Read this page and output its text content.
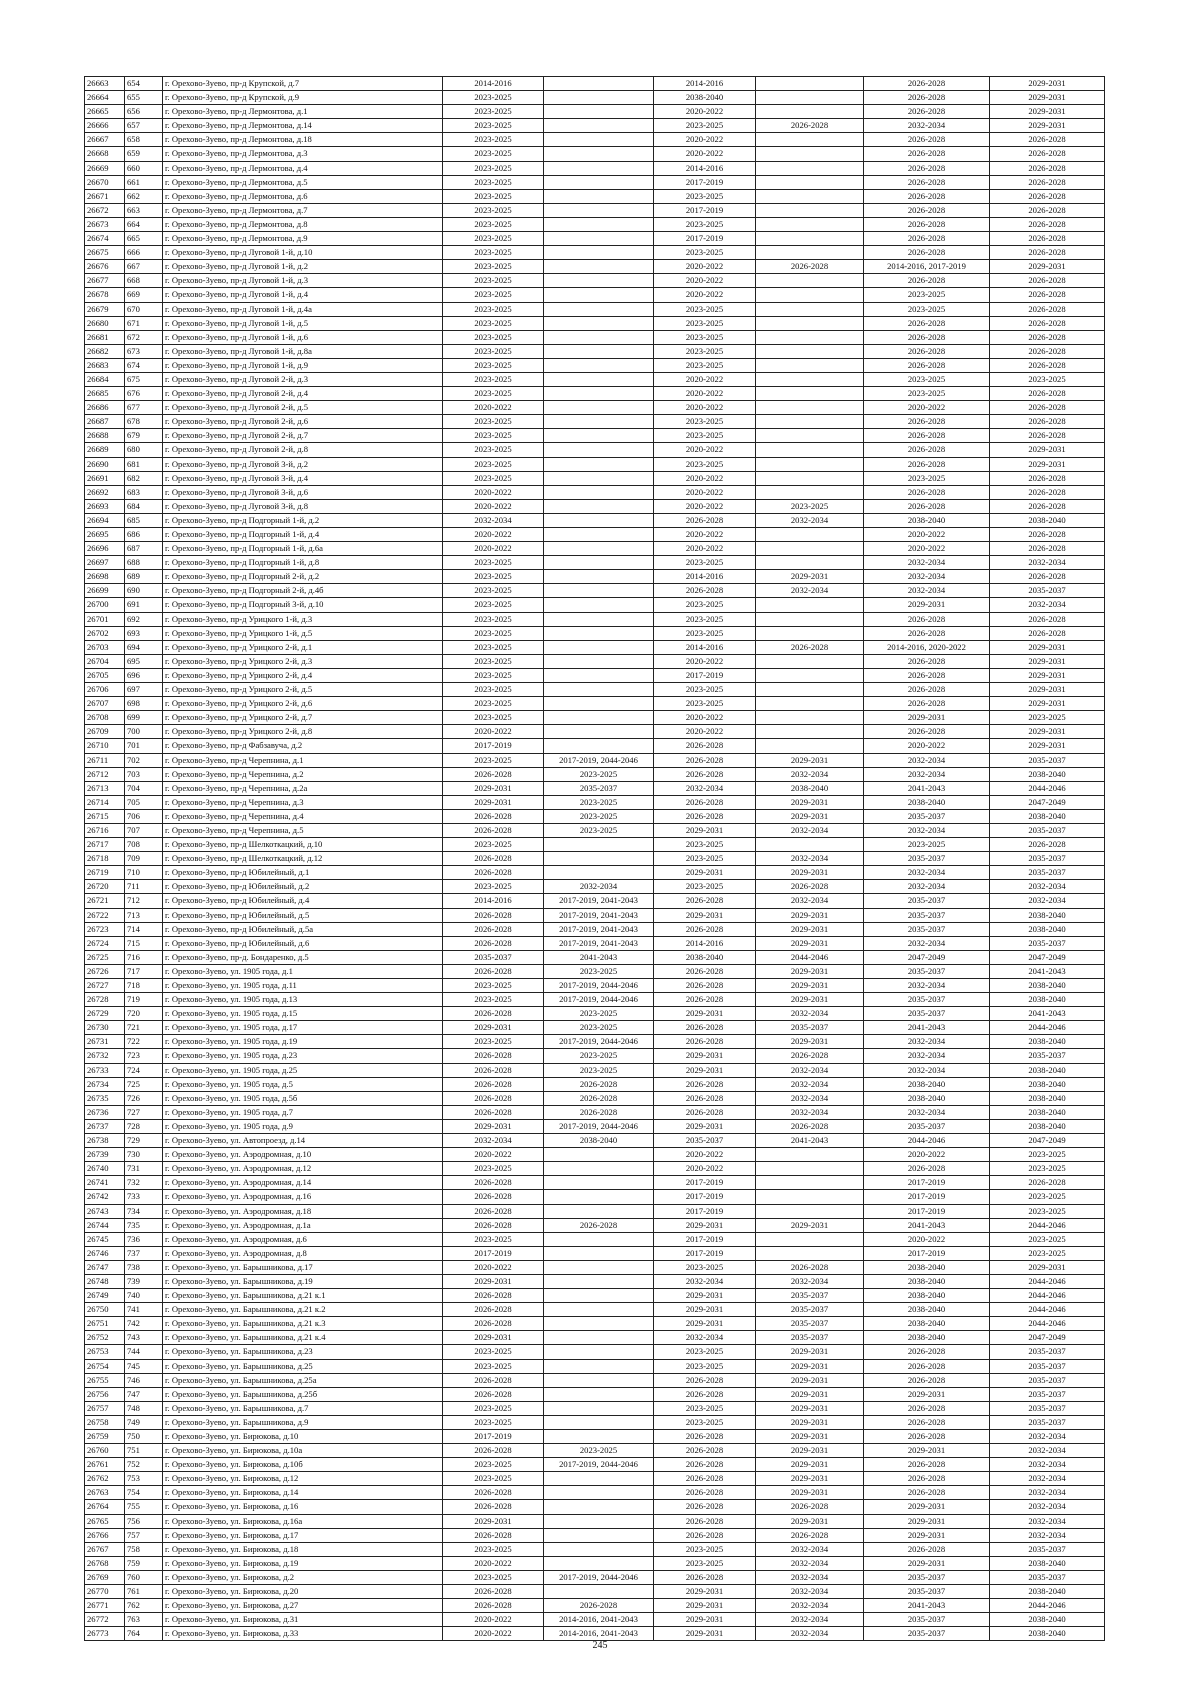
26663	654	г. Орехово-Зуево, пр-д Крупской, д.7	2014-2016		2014-2016		2026-2028	2029-2031
26664	655	г. Орехово-Зуево, пр-д Крупской, д.9	2023-2025		2038-2040		2026-2028	2029-2031
26665	656	г. Орехово-Зуево, пр-д Лермонтова, д.1	2023-2025		2020-2022		2026-2028	2029-2031
26666	657	г. Орехово-Зуево, пр-д Лермонтова, д.14	2023-2025		2023-2025	2026-2028	2032-2034	2029-2031
26667	658	г. Орехово-Зуево, пр-д Лермонтова, д.18	2023-2025		2020-2022		2026-2028	2026-2028
26668	659	г. Орехово-Зуево, пр-д Лермонтова, д.3	2023-2025		2020-2022		2026-2028	2026-2028
26669	660	г. Орехово-Зуево, пр-д Лермонтова, д.4	2023-2025		2014-2016		2026-2028	2026-2028
26670	661	г. Орехово-Зуево, пр-д Лермонтова, д.5	2023-2025		2017-2019		2026-2028	2026-2028
26671	662	г. Орехово-Зуево, пр-д Лермонтова, д.6	2023-2025		2023-2025		2026-2028	2026-2028
26672	663	г. Орехово-Зуево, пр-д Лермонтова, д.7	2023-2025		2017-2019		2026-2028	2026-2028
26673	664	г. Орехово-Зуево, пр-д Лермонтова, д.8	2023-2025		2023-2025		2026-2028	2026-2028
26674	665	г. Орехово-Зуево, пр-д Лермонтова, д.9	2023-2025		2017-2019		2026-2028	2026-2028
26675	666	г. Орехово-Зуево, пр-д Луговой 1-й, д.10	2023-2025		2023-2025		2026-2028	2026-2028
26676	667	г. Орехово-Зуево, пр-д Луговой 1-й, д.2	2023-2025		2020-2022	2026-2028	2014-2016, 2017-2019	2029-2031
26677	668	г. Орехово-Зуево, пр-д Луговой 1-й, д.3	2023-2025		2020-2022		2026-2028	2026-2028
26678	669	г. Орехово-Зуево, пр-д Луговой 1-й, д.4	2023-2025		2020-2022		2023-2025	2026-2028
26679	670	г. Орехово-Зуево, пр-д Луговой 1-й, д.4а	2023-2025		2023-2025		2023-2025	2026-2028
26680	671	г. Орехово-Зуево, пр-д Луговой 1-й, д.5	2023-2025		2023-2025		2026-2028	2026-2028
26681	672	г. Орехово-Зуево, пр-д Луговой 1-й, д.6	2023-2025		2023-2025		2026-2028	2026-2028
26682	673	г. Орехово-Зуево, пр-д Луговой 1-й, д.8а	2023-2025		2023-2025		2026-2028	2026-2028
26683	674	г. Орехово-Зуево, пр-д Луговой 1-й, д.9	2023-2025		2023-2025		2026-2028	2026-2028
26684	675	г. Орехово-Зуево, пр-д Луговой 2-й, д.3	2023-2025		2020-2022		2023-2025	2023-2025
26685	676	г. Орехово-Зуево, пр-д Луговой 2-й, д.4	2023-2025		2020-2022		2023-2025	2026-2028
26686	677	г. Орехово-Зуево, пр-д Луговой 2-й, д.5	2020-2022		2020-2022		2020-2022	2026-2028
26687	678	г. Орехово-Зуево, пр-д Луговой 2-й, д.6	2023-2025		2023-2025		2026-2028	2026-2028
26688	679	г. Орехово-Зуево, пр-д Луговой 2-й, д.7	2023-2025		2023-2025		2026-2028	2026-2028
26689	680	г. Орехово-Зуево, пр-д Луговой 2-й, д.8	2023-2025		2020-2022		2026-2028	2029-2031
26690	681	г. Орехово-Зуево, пр-д Луговой 3-й, д.2	2023-2025		2023-2025		2026-2028	2029-2031
26691	682	г. Орехово-Зуево, пр-д Луговой 3-й, д.4	2023-2025		2020-2022		2023-2025	2026-2028
26692	683	г. Орехово-Зуево, пр-д Луговой 3-й, д.6	2020-2022		2020-2022		2026-2028	2026-2028
26693	684	г. Орехово-Зуево, пр-д Луговой 3-й, д.8	2020-2022		2020-2022	2023-2025	2026-2028	2026-2028
26694	685	г. Орехово-Зуево, пр-д Подгорный 1-й, д.2	2032-2034		2026-2028	2032-2034	2038-2040	2038-2040
26695	686	г. Орехово-Зуево, пр-д Подгорный 1-й, д.4	2020-2022		2020-2022		2020-2022	2026-2028
26696	687	г. Орехово-Зуево, пр-д Подгорный 1-й, д.6а	2020-2022		2020-2022		2020-2022	2026-2028
26697	688	г. Орехово-Зуево, пр-д Подгорный 1-й, д.8	2023-2025		2023-2025		2032-2034	2032-2034
26698	689	г. Орехово-Зуево, пр-д Подгорный 2-й, д.2	2023-2025		2014-2016	2029-2031	2032-2034	2026-2028
26699	690	г. Орехово-Зуево, пр-д Подгорный 2-й, д.4б	2023-2025		2026-2028	2032-2034	2032-2034	2035-2037
26700	691	г. Орехово-Зуево, пр-д Подгорный 3-й, д.10	2023-2025		2023-2025		2029-2031	2032-2034
26701	692	г. Орехово-Зуево, пр-д Урицкого 1-й, д.3	2023-2025		2023-2025		2026-2028	2026-2028
26702	693	г. Орехово-Зуево, пр-д Урицкого 1-й, д.5	2023-2025		2023-2025		2026-2028	2026-2028
26703	694	г. Орехово-Зуево, пр-д Урицкого 2-й, д.1	2023-2025		2014-2016	2026-2028	2014-2016, 2020-2022	2029-2031
26704	695	г. Орехово-Зуево, пр-д Урицкого 2-й, д.3	2023-2025		2020-2022		2026-2028	2029-2031
26705	696	г. Орехово-Зуево, пр-д Урицкого 2-й, д.4	2023-2025		2017-2019		2026-2028	2029-2031
26706	697	г. Орехово-Зуево, пр-д Урицкого 2-й, д.5	2023-2025		2023-2025		2026-2028	2029-2031
26707	698	г. Орехово-Зуево, пр-д Урицкого 2-й, д.6	2023-2025		2023-2025		2026-2028	2029-2031
26708	699	г. Орехово-Зуево, пр-д Урицкого 2-й, д.7	2023-2025		2020-2022		2029-2031	2023-2025
26709	700	г. Орехово-Зуево, пр-д Урицкого 2-й, д.8	2020-2022		2020-2022		2026-2028	2029-2031
26710	701	г. Орехово-Зуево, пр-д Фабзавуча, д.2	2017-2019		2026-2028		2020-2022	2029-2031
26711	702	г. Орехово-Зуево, пр-д Черепнина, д.1	2023-2025	2017-2019, 2044-2046	2026-2028	2029-2031	2032-2034	2035-2037
26712	703	г. Орехово-Зуево, пр-д Черепнина, д.2	2026-2028	2023-2025	2026-2028	2032-2034	2032-2034	2038-2040
26713	704	г. Орехово-Зуево, пр-д Черепнина, д.2а	2029-2031	2035-2037	2032-2034	2038-2040	2041-2043	2044-2046
26714	705	г. Орехово-Зуево, пр-д Черепнина, д.3	2029-2031	2023-2025	2026-2028	2029-2031	2038-2040	2047-2049
26715	706	г. Орехово-Зуево, пр-д Черепнина, д.4	2026-2028	2023-2025	2026-2028	2029-2031	2035-2037	2038-2040
26716	707	г. Орехово-Зуево, пр-д Черепнина, д.5	2026-2028	2023-2025	2029-2031	2032-2034	2032-2034	2035-2037
26717	708	г. Орехово-Зуево, пр-д Шелкоткацкий, д.10	2023-2025		2023-2025		2023-2025	2026-2028
26718	709	г. Орехово-Зуево, пр-д Шелкоткацкий, д.12	2026-2028		2023-2025	2032-2034	2035-2037	2035-2037
26719	710	г. Орехово-Зуево, пр-д Юбилейный, д.1	2026-2028		2029-2031	2029-2031	2032-2034	2035-2037
26720	711	г. Орехово-Зуево, пр-д Юбилейный, д.2	2023-2025	2032-2034	2023-2025	2026-2028	2032-2034	2032-2034
26721	712	г. Орехово-Зуево, пр-д Юбилейный, д.4	2014-2016	2017-2019, 2041-2043	2026-2028	2032-2034	2035-2037	2032-2034
26722	713	г. Орехово-Зуево, пр-д Юбилейный, д.5	2026-2028	2017-2019, 2041-2043	2029-2031	2029-2031	2035-2037	2038-2040
26723	714	г. Орехово-Зуево, пр-д Юбилейный, д.5а	2026-2028	2017-2019, 2041-2043	2026-2028	2029-2031	2035-2037	2038-2040
26724	715	г. Орехово-Зуево, пр-д Юбилейный, д.6	2026-2028	2017-2019, 2041-2043	2014-2016	2029-2031	2032-2034	2035-2037
26725	716	г. Орехово-Зуево, пр-д. Бондаренко, д.5	2035-2037	2041-2043	2038-2040	2044-2046	2047-2049	2047-2049
26726	717	г. Орехово-Зуево, ул. 1905 года, д.1	2026-2028	2023-2025	2026-2028	2029-2031	2035-2037	2041-2043
26727	718	г. Орехово-Зуево, ул. 1905 года, д.11	2023-2025	2017-2019, 2044-2046	2026-2028	2029-2031	2032-2034	2038-2040
26728	719	г. Орехово-Зуево, ул. 1905 года, д.13	2023-2025	2017-2019, 2044-2046	2026-2028	2029-2031	2035-2037	2038-2040
26729	720	г. Орехово-Зуево, ул. 1905 года, д.15	2026-2028	2023-2025	2029-2031	2032-2034	2035-2037	2041-2043
26730	721	г. Орехово-Зуево, ул. 1905 года, д.17	2029-2031	2023-2025	2026-2028	2035-2037	2041-2043	2044-2046
26731	722	г. Орехово-Зуево, ул. 1905 года, д.19	2023-2025	2017-2019, 2044-2046	2026-2028	2029-2031	2032-2034	2038-2040
26732	723	г. Орехово-Зуево, ул. 1905 года, д.23	2026-2028	2023-2025	2029-2031	2026-2028	2032-2034	2035-2037
26733	724	г. Орехово-Зуево, ул. 1905 года, д.25	2026-2028	2023-2025	2029-2031	2032-2034	2032-2034	2038-2040
26734	725	г. Орехово-Зуево, ул. 1905 года, д.5	2026-2028	2026-2028	2026-2028	2032-2034	2038-2040	2038-2040
26735	726	г. Орехово-Зуево, ул. 1905 года, д.5б	2026-2028	2026-2028	2026-2028	2032-2034	2038-2040	2038-2040
26736	727	г. Орехово-Зуево, ул. 1905 года, д.7	2026-2028	2026-2028	2026-2028	2032-2034	2032-2034	2038-2040
26737	728	г. Орехово-Зуево, ул. 1905 года, д.9	2029-2031	2017-2019, 2044-2046	2029-2031	2026-2028	2035-2037	2038-2040
26738	729	г. Орехово-Зуево, ул. Автопроезд, д.14	2032-2034	2038-2040	2035-2037	2041-2043	2044-2046	2047-2049
26739	730	г. Орехово-Зуево, ул. Аэродромная, д.10	2020-2022		2020-2022		2020-2022	2023-2025
26740	731	г. Орехово-Зуево, ул. Аэродромная, д.12	2023-2025		2020-2022		2026-2028	2023-2025
26741	732	г. Орехово-Зуево, ул. Аэродромная, д.14	2026-2028		2017-2019		2017-2019	2026-2028
26742	733	г. Орехово-Зуево, ул. Аэродромная, д.16	2026-2028		2017-2019		2017-2019	2023-2025
26743	734	г. Орехово-Зуево, ул. Аэродромная, д.18	2026-2028		2017-2019		2017-2019	2023-2025
26744	735	г. Орехово-Зуево, ул. Аэродромная, д.1а	2026-2028	2026-2028	2029-2031	2029-2031	2041-2043	2044-2046
26745	736	г. Орехово-Зуево, ул. Аэродромная, д.6	2023-2025		2017-2019		2020-2022	2023-2025
26746	737	г. Орехово-Зуево, ул. Аэродромная, д.8	2017-2019		2017-2019		2017-2019	2023-2025
26747	738	г. Орехово-Зуево, ул. Барышникова, д.17	2020-2022		2023-2025	2026-2028	2038-2040	2029-2031
26748	739	г. Орехово-Зуево, ул. Барышникова, д.19	2029-2031		2032-2034	2032-2034	2038-2040	2044-2046
26749	740	г. Орехово-Зуево, ул. Барышникова, д.21 к.1	2026-2028		2029-2031	2035-2037	2038-2040	2044-2046
26750	741	г. Орехово-Зуево, ул. Барышникова, д.21 к.2	2026-2028		2029-2031	2035-2037	2038-2040	2044-2046
26751	742	г. Орехово-Зуево, ул. Барышникова, д.21 к.3	2026-2028		2029-2031	2035-2037	2038-2040	2044-2046
26752	743	г. Орехово-Зуево, ул. Барышникова, д.21 к.4	2029-2031		2032-2034	2035-2037	2038-2040	2047-2049
26753	744	г. Орехово-Зуево, ул. Барышникова, д.23	2023-2025		2023-2025	2029-2031	2026-2028	2035-2037
26754	745	г. Орехово-Зуево, ул. Барышникова, д.25	2023-2025		2023-2025	2029-2031	2026-2028	2035-2037
26755	746	г. Орехово-Зуево, ул. Барышникова, д.25а	2026-2028		2026-2028	2029-2031	2026-2028	2035-2037
26756	747	г. Орехово-Зуево, ул. Барышникова, д.25б	2026-2028		2026-2028	2029-2031	2029-2031	2035-2037
26757	748	г. Орехово-Зуево, ул. Барышникова, д.7	2023-2025		2023-2025	2029-2031	2026-2028	2035-2037
26758	749	г. Орехово-Зуево, ул. Барышникова, д.9	2023-2025		2023-2025	2029-2031	2026-2028	2035-2037
26759	750	г. Орехово-Зуево, ул. Бирюкова, д.10	2017-2019		2026-2028	2029-2031	2026-2028	2032-2034
26760	751	г. Орехово-Зуево, ул. Бирюкова, д.10а	2026-2028	2023-2025	2026-2028	2029-2031	2029-2031	2032-2034
26761	752	г. Орехово-Зуево, ул. Бирюкова, д.10б	2023-2025	2017-2019, 2044-2046	2026-2028	2029-2031	2026-2028	2032-2034
26762	753	г. Орехово-Зуево, ул. Бирюкова, д.12	2023-2025		2026-2028	2029-2031	2026-2028	2032-2034
26763	754	г. Орехово-Зуево, ул. Бирюкова, д.14	2026-2028		2026-2028	2029-2031	2026-2028	2032-2034
26764	755	г. Орехово-Зуево, ул. Бирюкова, д.16	2026-2028		2026-2028	2026-2028	2029-2031	2032-2034
26765	756	г. Орехово-Зуево, ул. Бирюкова, д.16а	2029-2031		2026-2028	2029-2031	2029-2031	2032-2034
26766	757	г. Орехово-Зуево, ул. Бирюкова, д.17	2026-2028		2026-2028	2026-2028	2029-2031	2032-2034
26767	758	г. Орехово-Зуево, ул. Бирюкова, д.18	2023-2025		2023-2025	2032-2034	2026-2028	2035-2037
26768	759	г. Орехово-Зуево, ул. Бирюкова, д.19	2020-2022		2023-2025	2032-2034	2029-2031	2038-2040
26769	760	г. Орехово-Зуево, ул. Бирюкова, д.2	2023-2025	2017-2019, 2044-2046	2026-2028	2032-2034	2035-2037	2035-2037
26770	761	г. Орехово-Зуево, ул. Бирюкова, д.20	2026-2028		2029-2031	2032-2034	2035-2037	2038-2040
26771	762	г. Орехово-Зуево, ул. Бирюкова, д.27	2026-2028	2026-2028	2029-2031	2032-2034	2041-2043	2044-2046
26772	763	г. Орехово-Зуево, ул. Бирюкова, д.31	2020-2022	2014-2016, 2041-2043	2029-2031	2032-2034	2035-2037	2038-2040
26773	764	г. Орехово-Зуево, ул. Бирюкова, д.33	2020-2022	2014-2016, 2041-2043	2029-2031	2032-2034	2035-2037	2038-2040
245
